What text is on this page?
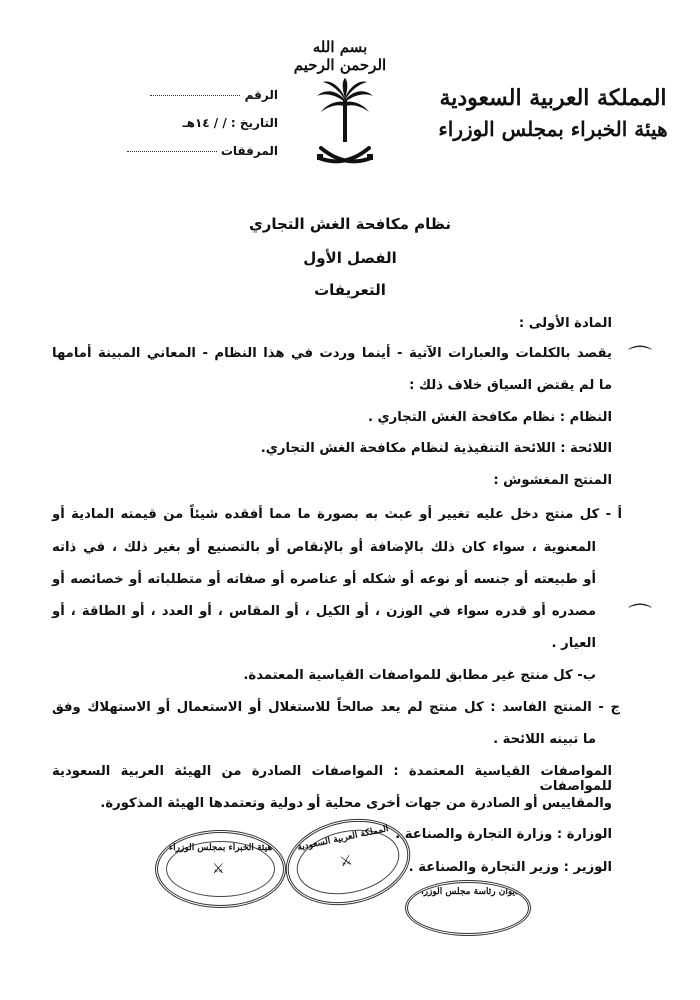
بسم الله الرحمن الرحيم
المملكة العربية السعودية
هيئة الخبراء بمجلس الوزراء
الرقم
التاريخ : / / ١٤هـ
المرفقات
نظام مكافحة الغش التجاري
الفصل الأول
التعريفات
المادة الأولى :
⌒
يقصد بالكلمات والعبارات الآتية - أينما وردت في هذا النظام - المعاني المبينة أمامها
ما لم يقتض السياق خلاف ذلك :
النظام : نظام مكافحة الغش التجاري .
اللائحة : اللائحة التنفيذية لنظام مكافحة الغش التجاري.
المنتج المغشوش :
أ - كل منتج دخل عليه تغيير أو عبث به بصورة ما مما أفقده شيئاً من قيمته المادية أو
المعنوية ، سواء كان ذلك بالإضافة أو بالإنقاص أو بالتصنيع أو بغير ذلك ، في ذاته
أو طبيعته أو جنسه أو نوعه أو شكله أو عناصره أو صفاته أو متطلباته أو خصائصه أو
⌒
مصدره أو قدره سواء في الوزن ، أو الكيل ، أو المقاس ، أو العدد ، أو الطاقة ، أو
العيار .
ب- كل منتج غير مطابق للمواصفات القياسية المعتمدة.
ج - المنتج الفاسد : كل منتج لم يعد صالحاً للاستغلال أو الاستعمال أو الاستهلاك وفق
ما تبينه اللائحة .
المواصفات القياسية المعتمدة : المواصفات الصادرة من الهيئة العربية السعودية للمواصفات
والمقاييس أو الصادرة من جهات أخرى محلية أو دولية وتعتمدها الهيئة المذكورة.
الوزارة : وزارة التجارة والصناعة .
الوزير : وزير التجارة والصناعة .
هيئة الخبراء بمجلس الوزراء
⚔
المملكة العربية السعودية
⚔
ديوان رئاسة مجلس الوزراء
